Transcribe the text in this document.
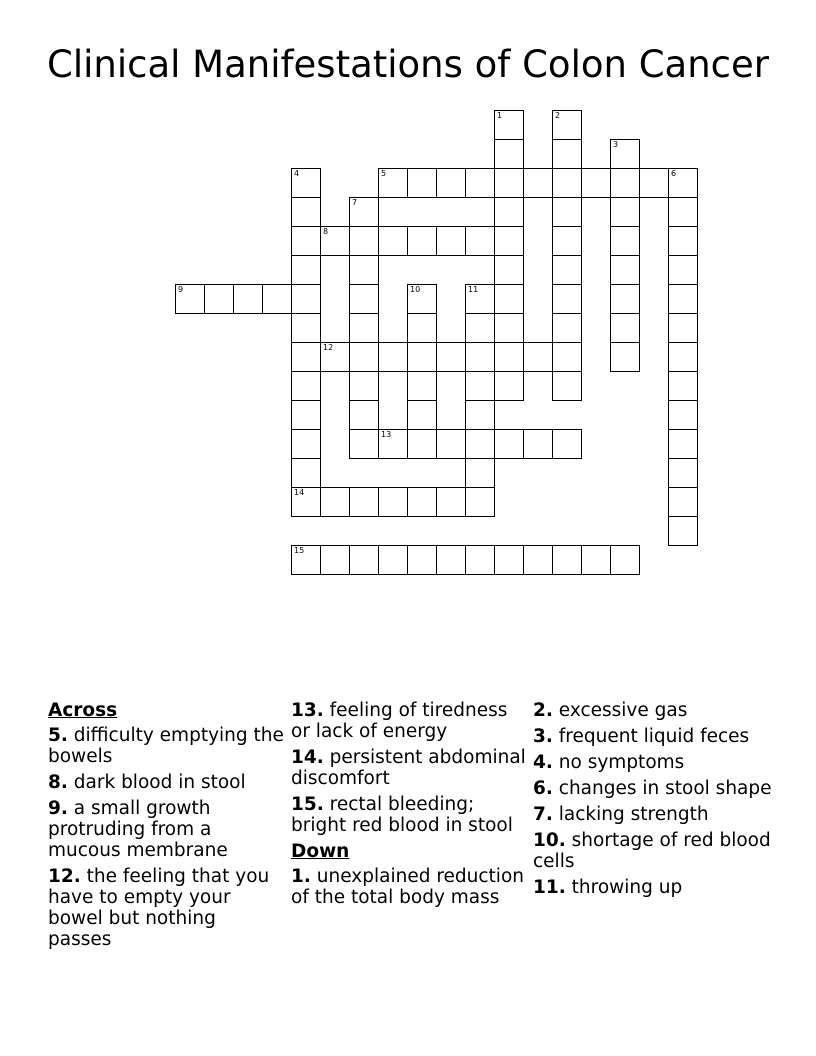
Clinical Manifestations of Colon Cancer
1	2
3
4
14
5	6
7
8
9	10	11
12
13
15
Across
5. difficulty emptying the bowels
8. dark blood in stool
9. a small growth protruding from a mucous membrane
12. the feeling that you have to empty your bowel but nothing passes
13. feeling of tiredness or lack of energy
14. persistent abdominal discomfort
15. rectal bleeding; bright red blood in stool
Down
1. unexplained reduction of the total body mass
2. excessive gas
3. frequent liquid feces
4. no symptoms
6. changes in stool shape
7. lacking strength
10. shortage of red blood cells
11. throwing up
